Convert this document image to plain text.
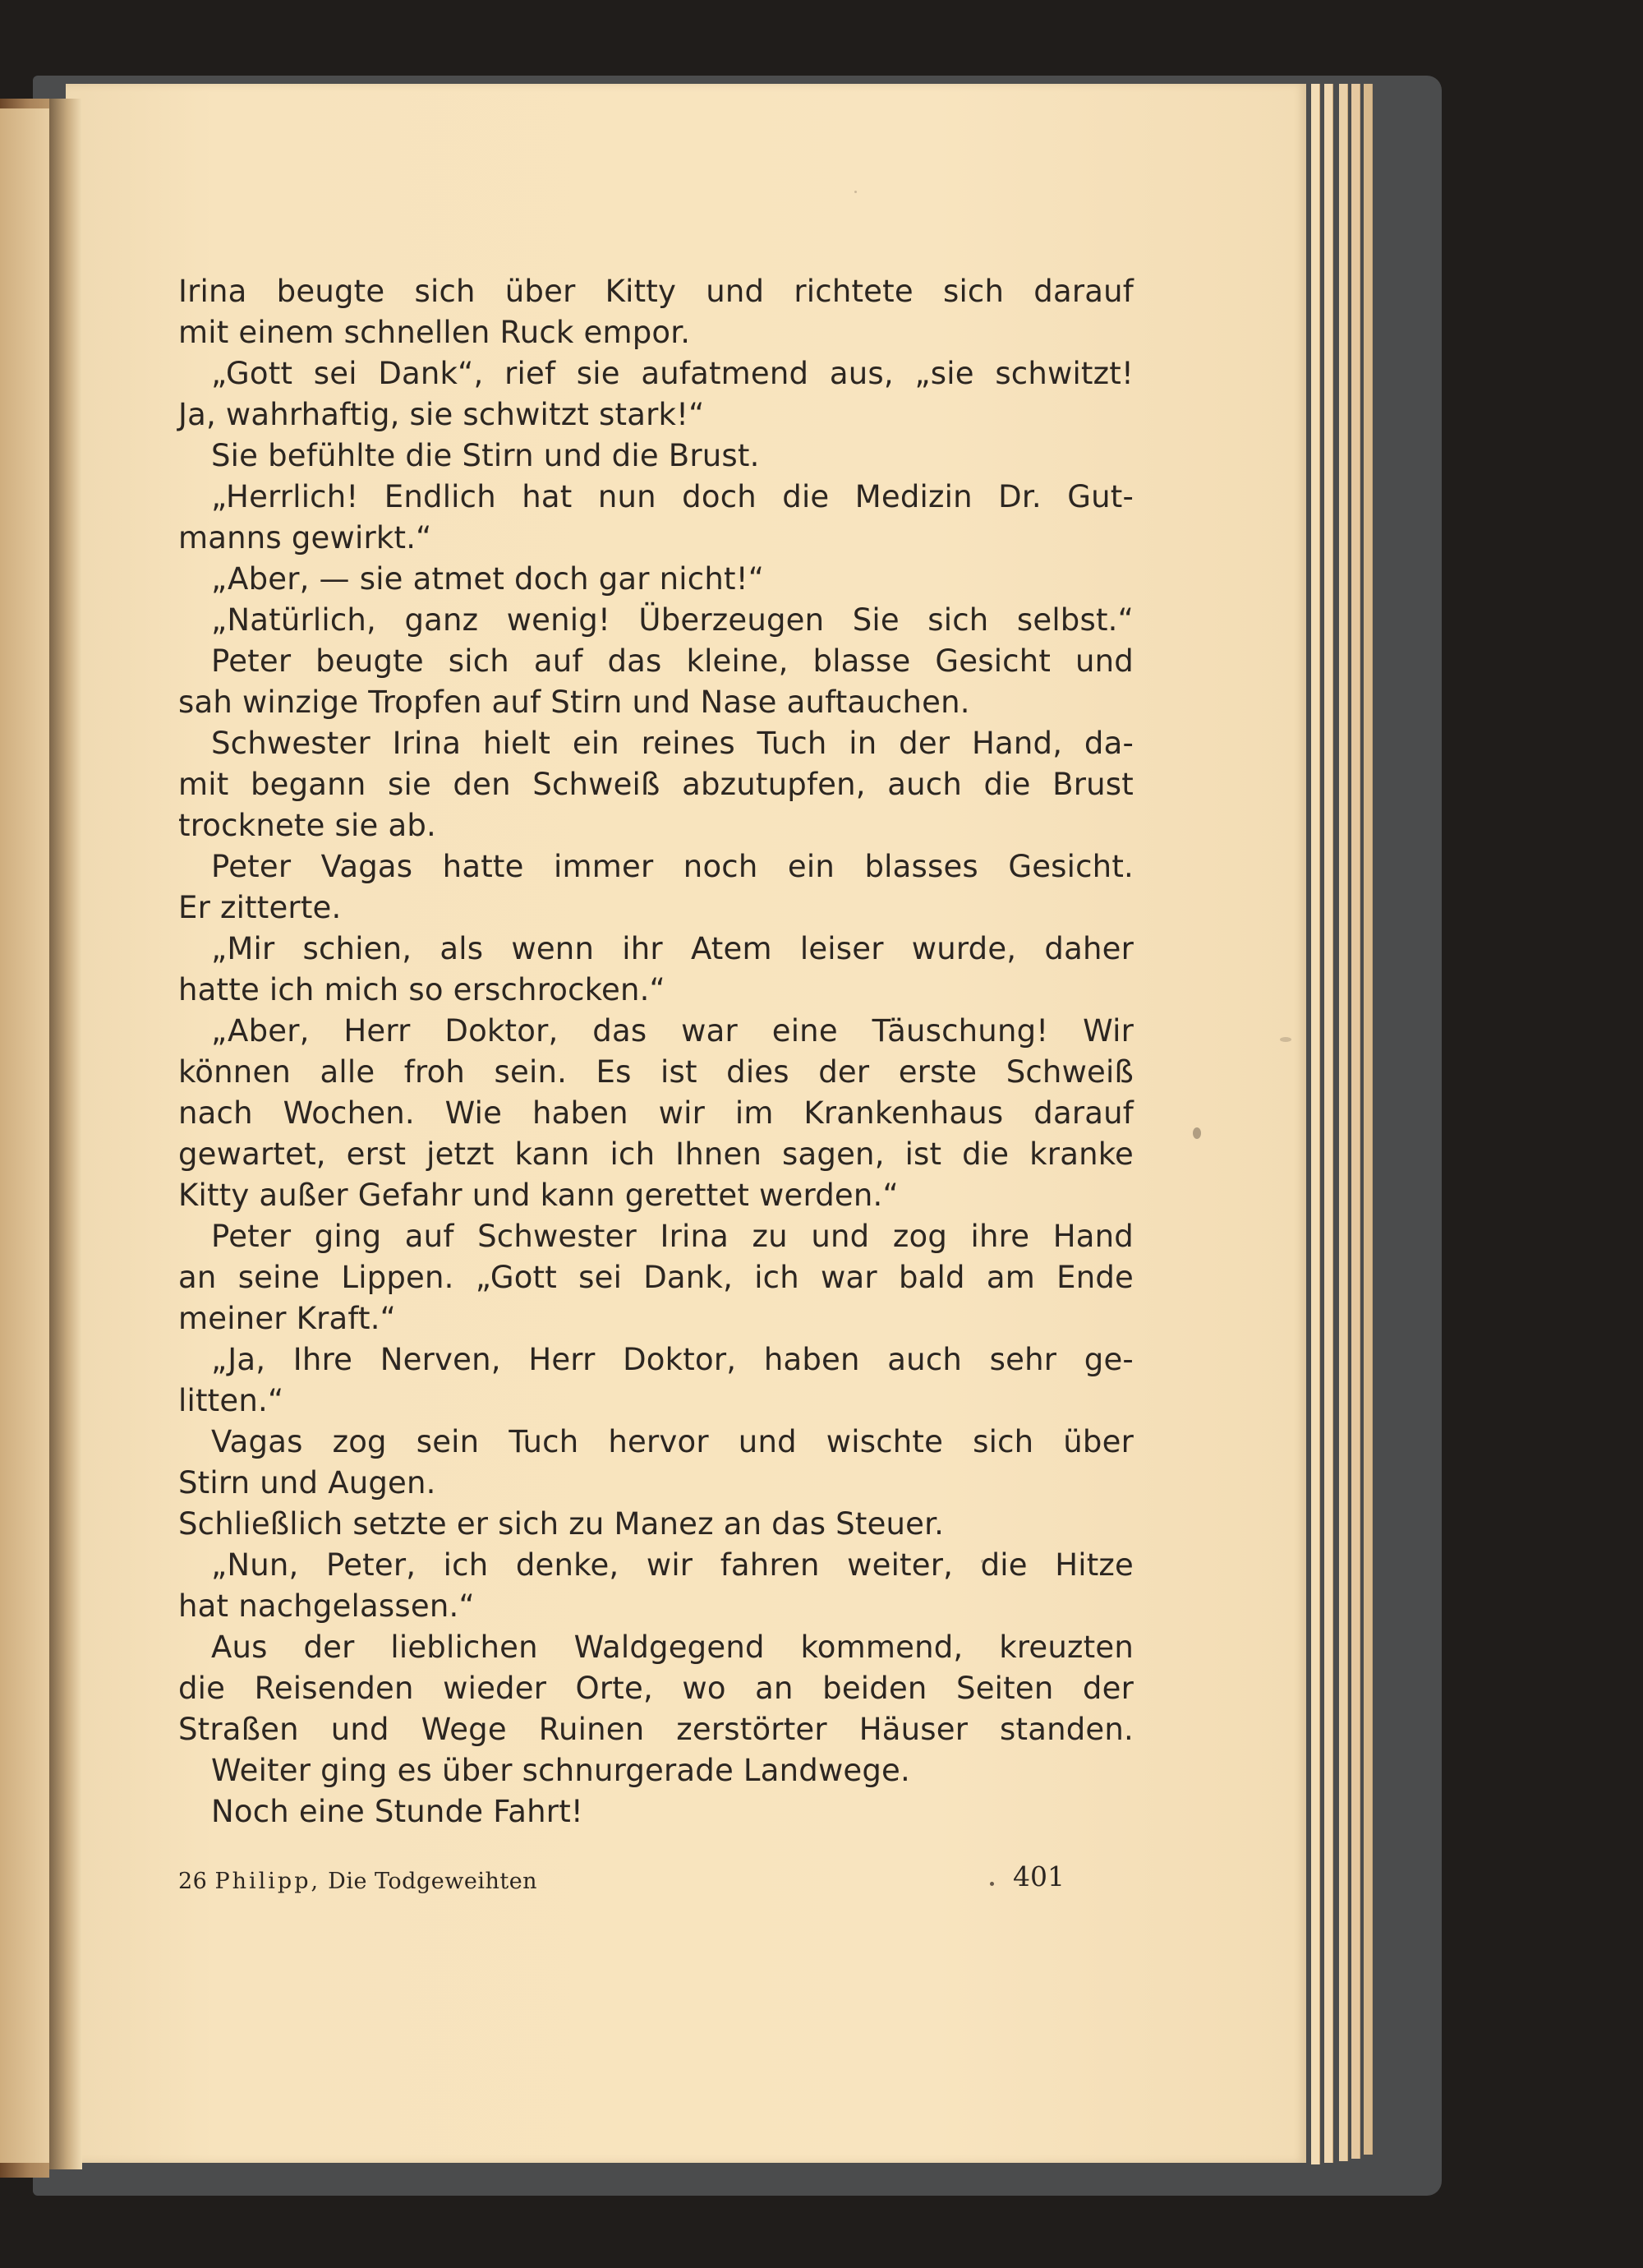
Irina beugte sich über Kitty und richtete sich darauf
mit einem schnellen Ruck empor.
„Gott sei Dank“, rief sie aufatmend aus, „sie schwitzt!
Ja, wahrhaftig, sie schwitzt stark!“
Sie befühlte die Stirn und die Brust.
„Herrlich! Endlich hat nun doch die Medizin Dr. Gut-
manns gewirkt.“
„Aber, — sie atmet doch gar nicht!“
„Natürlich, ganz wenig! Überzeugen Sie sich selbst.“
Peter beugte sich auf das kleine, blasse Gesicht und
sah winzige Tropfen auf Stirn und Nase auftauchen.
Schwester Irina hielt ein reines Tuch in der Hand, da-
mit begann sie den Schweiß abzutupfen, auch die Brust
trocknete sie ab.
Peter Vagas hatte immer noch ein blasses Gesicht.
Er zitterte.
„Mir schien, als wenn ihr Atem leiser wurde, daher
hatte ich mich so erschrocken.“
„Aber, Herr Doktor, das war eine Täuschung! Wir
können alle froh sein. Es ist dies der erste Schweiß
nach Wochen. Wie haben wir im Krankenhaus darauf
gewartet, erst jetzt kann ich Ihnen sagen, ist die kranke
Kitty außer Gefahr und kann gerettet werden.“
Peter ging auf Schwester Irina zu und zog ihre Hand
an seine Lippen. „Gott sei Dank, ich war bald am Ende
meiner Kraft.“
„Ja, Ihre Nerven, Herr Doktor, haben auch sehr ge-
litten.“
Vagas zog sein Tuch hervor und wischte sich über
Stirn und Augen.
Schließlich setzte er sich zu Manez an das Steuer.
„Nun, Peter, ich denke, wir fahren weiter, die Hitze
hat nachgelassen.“
Aus der lieblichen Waldgegend kommend, kreuzten
die Reisenden wieder Orte, wo an beiden Seiten der
Straßen und Wege Ruinen zerstörter Häuser standen.
Weiter ging es über schnurgerade Landwege.
Noch eine Stunde Fahrt!
26 Philipp, Die Todgeweihten	401
